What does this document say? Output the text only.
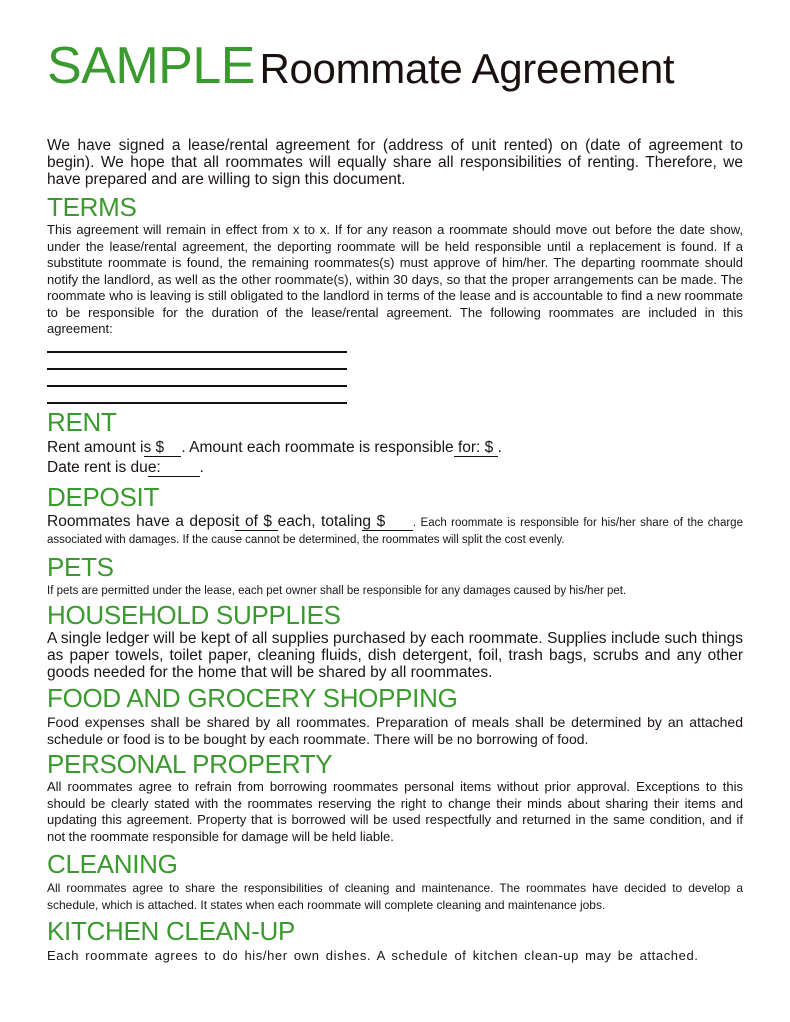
SAMPLE Roommate Agreement
We have signed a lease/rental agreement for (address of unit rented) on (date of agreement to begin). We hope that all roommates will equally share all responsibilities of renting. Therefore, we have prepared and are willing to sign this document.
TERMS
This agreement will remain in effect from x to x. If for any reason a roommate should move out before the date show, under the lease/rental agreement, the deporting roommate will be held responsible until a replacement is found. If a substitute roommate is found, the remaining roommates(s) must approve of him/her. The departing roommate should notify the landlord, as well as the other roommate(s), within 30 days, so that the proper arrangements can be made. The roommate who is leaving is still obligated to the landlord in terms of the lease and is accountable to find a new roommate to be responsible for the duration of the lease/rental agreement. The following roommates are included in this agreement:
RENT
Rent amount is $    . Amount each roommate is responsible for: $ .
Date rent is due:         .
DEPOSIT
Roommates have a deposit of $ each, totaling $     . Each roommate is responsible for his/her share of the charge associated with damages. If the cause cannot be determined, the roommates will split the cost evenly.
PETS
If pets are permitted under the lease, each pet owner shall be responsible for any damages caused by his/her pet.
HOUSEHOLD SUPPLIES
A single ledger will be kept of all supplies purchased by each roommate. Supplies include such things as paper towels, toilet paper, cleaning fluids, dish detergent, foil, trash bags, scrubs and any other goods needed for the home that will be shared by all roommates.
FOOD AND GROCERY SHOPPING
Food expenses shall be shared by all roommates. Preparation of meals shall be determined by an attached schedule or food is to be bought by each roommate. There will be no borrowing of food.
PERSONAL PROPERTY
All roommates agree to refrain from borrowing roommates personal items without prior approval. Exceptions to this should be clearly stated with the roommates reserving the right to change their minds about sharing their items and updating this agreement. Property that is borrowed will be used respectfully and returned in the same condition, and if not the roommate responsible for damage will be held liable.
CLEANING
All roommates agree to share the responsibilities of cleaning and maintenance. The roommates have decided to develop a schedule, which is attached. It states when each roommate will complete cleaning and maintenance jobs.
KITCHEN CLEAN-UP
Each roommate agrees to do his/her own dishes. A schedule of kitchen clean-up may be attached.
